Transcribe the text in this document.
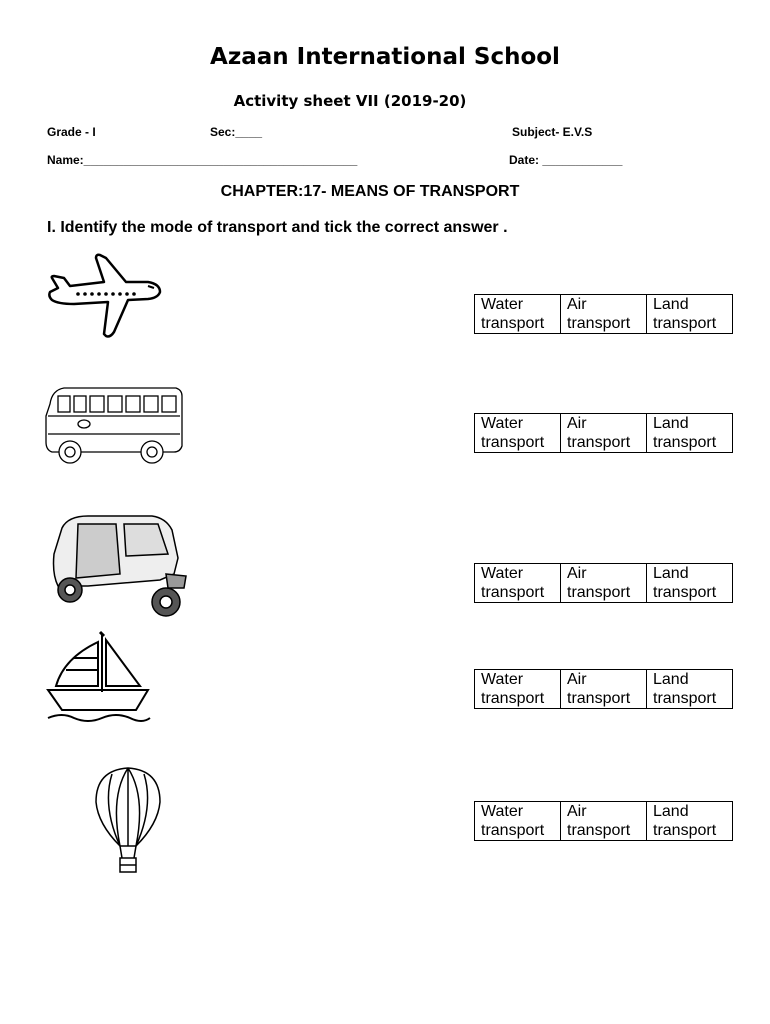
Azaan International School
Activity sheet VII (2019-20)
Grade - I	Sec:____	Subject- E.V.S
Name:_________________________________________	Date: ____________
CHAPTER:17- MEANS OF TRANSPORT
I. Identify the mode of transport and tick the correct answer .
Water
transport

Air
transport

Land
transport
Water
transport

Air
transport

Land
transport
Water
transport

Air
transport

Land
transport
Water
transport

Air
transport

Land
transport
Water
transport

Air
transport

Land
transport
